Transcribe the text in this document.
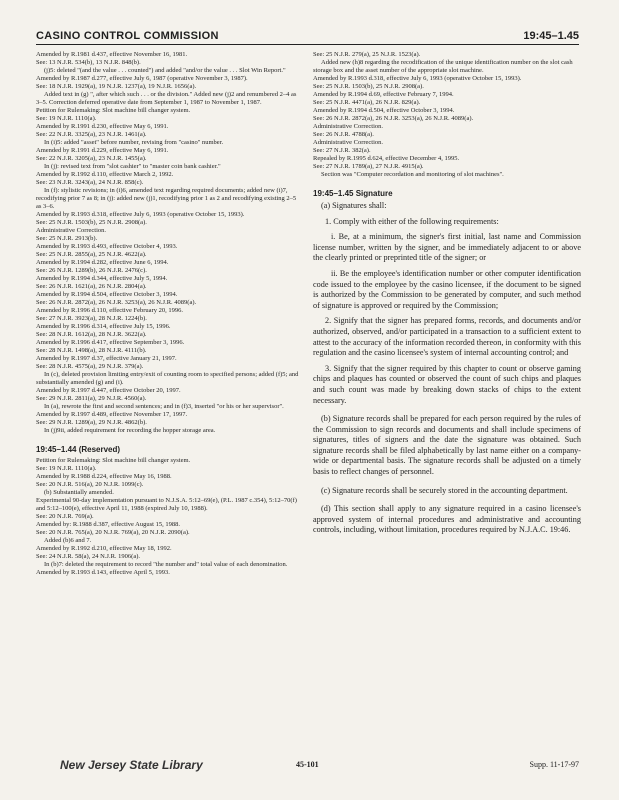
CASINO CONTROL COMMISSION	19:45–1.45

Amended by R.1981 d.437, effective November 16, 1981.

See: 13 N.J.R. 534(b), 13 N.J.R. 848(b).

(j)5: deleted "(and the value . . . counted") and added "and/or the value . . . Slot Win Report."

Amended by R.1987 d.277, effective July 6, 1987 (operative November 3, 1987).

See: 18 N.J.R. 1929(a), 19 N.J.R. 1237(a), 19 N.J.R. 1656(a).

Added text in (g) ", after which such . . . or the division." Added new (j)2 and renumbered 2–4 as 3–5. Correction deferred operative date from September 1, 1987 to November 1, 1987.

Petition for Rulemaking: Slot machine bill changer system.

See: 19 N.J.R. 1110(a).

Amended by R.1991 d.230, effective May 6, 1991.

See: 22 N.J.R. 3325(a), 23 N.J.R. 1461(a).

In (i)5: added "asset" before number, revising from "casino" number.

Amended by R.1991 d.229, effective May 6, 1991.

See: 22 N.J.R. 3205(a), 23 N.J.R. 1455(a).

In (j): revised text from "slot cashier" to "master coin bank cashier."

Amended by R.1992 d.110, effective March 2, 1992.

See: 23 N.J.R. 3243(a), 24 N.J.R. 858(c).

In (f): stylistic revisions; in (i)6, amended text regarding required documents; added new (i)7, recodifying prior 7 as 8; in (j): added new (j)1, recodifying prior 1 as 2 and recodifying existing 2–5 as 3–6.

Amended by R.1993 d.318, effective July 6, 1993 (operative October 15, 1993).

See: 25 N.J.R. 1503(b), 25 N.J.R. 2908(a).

Administrative Correction.

See: 25 N.J.R. 2913(b).

Amended by R.1993 d.493, effective October 4, 1993.

See: 25 N.J.R. 2855(a), 25 N.J.R. 4622(a).

Amended by R.1994 d.282, effective June 6, 1994.

See: 26 N.J.R. 1289(b), 26 N.J.R. 2476(c).

Amended by R.1994 d.344, effective July 5, 1994.

See: 26 N.J.R. 1621(a), 26 N.J.R. 2804(a).

Amended by R.1994 d.504, effective October 3, 1994.

See: 26 N.J.R. 2872(a), 26 N.J.R. 3253(a), 26 N.J.R. 4089(a).

Amended by R.1996 d.110, effective February 20, 1996.

See: 27 N.J.R. 3923(a), 28 N.J.R. 1224(b).

Amended by R.1996 d.314, effective July 15, 1996.

See: 28 N.J.R. 1612(a), 28 N.J.R. 3622(a).

Amended by R.1996 d.417, effective September 3, 1996.

See: 28 N.J.R. 1498(a), 28 N.J.R. 4111(b).

Amended by R.1997 d.37, effective January 21, 1997.

See: 28 N.J.R. 4575(a), 29 N.J.R. 379(a).

In (c), deleted provision limiting entry/exit of counting room to specified persons; added (f)5; and substantially amended (g) and (i).

Amended by R.1997 d.447, effective October 20, 1997.

See: 29 N.J.R. 2811(a), 29 N.J.R. 4560(a).

In (a), rewrote the first and second sentences; and in (f)3, inserted "or his or her supervisor".

Amended by R.1997 d.489, effective November 17, 1997.

See: 29 N.J.R. 1289(a), 29 N.J.R. 4862(b).

In (j)9ii, added requirement for recording the hopper storage area.

19:45–1.44 (Reserved)

Petition for Rulemaking: Slot machine bill changer system.

See: 19 N.J.R. 1110(a).

Amended by R.1988 d.224, effective May 16, 1988.

See: 20 N.J.R. 516(a), 20 N.J.R. 1099(c).

(b) Substantially amended.

Experimental 90-day implementation pursuant to N.J.S.A. 5:12–69(e), (P.L. 1987 c.354), 5:12–70(f) and 5:12–100(e), effective April 11, 1988 (expired July 10, 1988).

See: 20 N.J.R. 769(a).

Amended by: R.1988 d.387, effective August 15, 1988.

See: 20 N.J.R. 765(a), 20 N.J.R. 769(a), 20 N.J.R. 2090(a).

Added (b)6 and 7.

Amended by R.1992 d.210, effective May 18, 1992.

See: 24 N.J.R. 58(a), 24 N.J.R. 1906(a).

In (b)7: deleted the requirement to record "the number and" total value of each denomination.

Amended by R.1993 d.143, effective April 5, 1993.

See: 25 N.J.R. 279(a), 25 N.J.R. 1523(a).

Added new (h)8 regarding the recodification of the unique identification number on the slot cash storage box and the asset number of the appropriate slot machine.

Amended by R.1993 d.318, effective July 6, 1993 (operative October 15, 1993).

See: 25 N.J.R. 1503(b), 25 N.J.R. 2908(a).

Amended by R.1994 d.69, effective February 7, 1994.

See: 25 N.J.R. 4471(a), 26 N.J.R. 829(a).

Amended by R.1994 d.504, effective October 3, 1994.

See: 26 N.J.R. 2872(a), 26 N.J.R. 3253(a), 26 N.J.R. 4089(a).

Administrative Correction.

See: 26 N.J.R. 4788(a).

Administrative Correction.

See: 27 N.J.R. 382(a).

Repealed by R.1995 d.624, effective December 4, 1995.

See: 27 N.J.R. 1789(a), 27 N.J.R. 4915(a).

Section was "Computer recordation and monitoring of slot machines".

19:45–1.45 Signature

(a) Signatures shall:

1. Comply with either of the following requirements:

i. Be, at a minimum, the signer's first initial, last name and Commission license number, written by the signer, and be immediately adjacent to or above the clearly printed or preprinted title of the signer; or

ii. Be the employee's identification number or other computer identification code issued to the employee by the casino licensee, if the document to be signed is authorized by the Commission to be generated by computer, and such method of signature is approved or required by the Commission;

2. Signify that the signer has prepared forms, records, and documents and/or authorized, observed, and/or participated in a transaction to a sufficient extent to attest to the accuracy of the information recorded thereon, in conformity with this regulation and the casino licensee's system of internal accounting control; and

3. Signify that the signer required by this chapter to count or observe gaming chips and plaques has counted or observed the count of such chips and plaques and such count was made by breaking down stacks of chips to the extent necessary.

(b) Signature records shall be prepared for each person required by the rules of the Commission to sign records and documents and shall include specimens of signatures, titles of signers and the date the signature was obtained. Such signature records shall be filed alphabetically by last name either on a company-wide or departmental basis. The signature records shall be adjusted on a timely basis to reflect changes of personnel.

(c) Signature records shall be securely stored in the accounting department.

(d) This section shall apply to any signature required in a casino licensee's approved system of internal procedures and administrative and accounting controls, including, without limitation, procedures required by N.J.A.C. 19:46.

New Jersey State Library	45-101	Supp. 11-17-97
